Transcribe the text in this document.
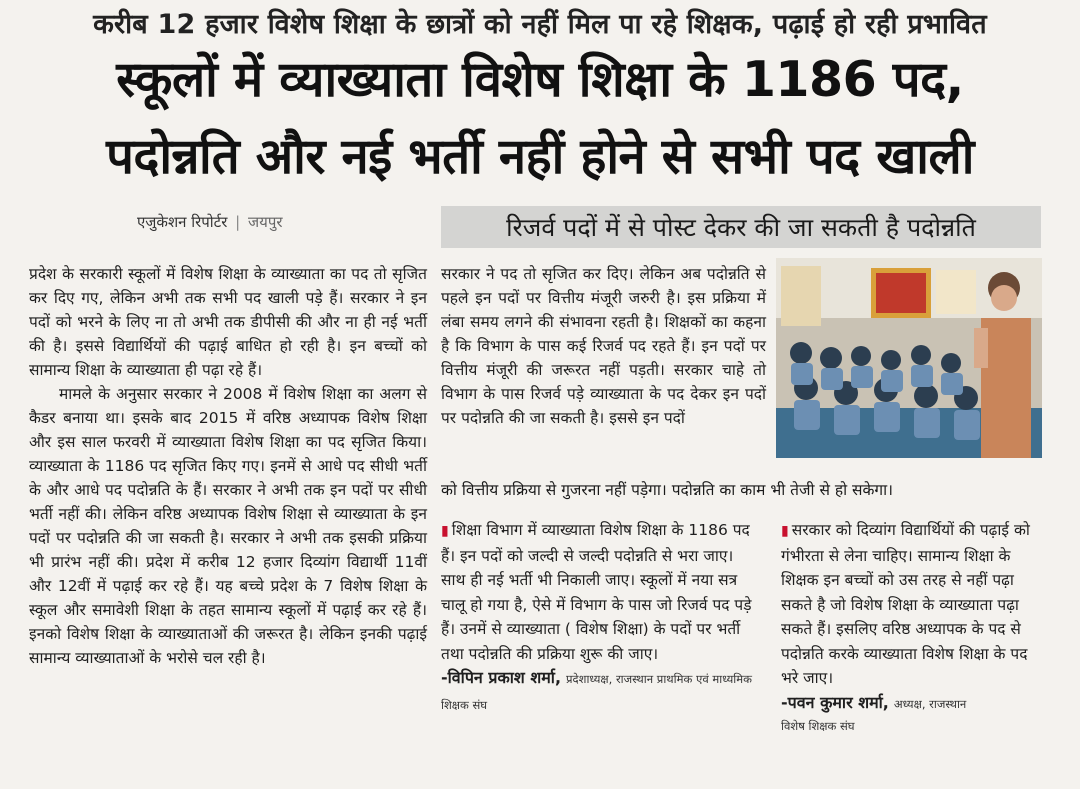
करीब 12 हजार विशेष शिक्षा के छात्रों को नहीं मिल पा रहे शिक्षक, पढ़ाई हो रही प्रभावित
स्कूलों में व्याख्याता विशेष शिक्षा के 1186 पद,
पदोन्नति और नई भर्ती नहीं होने से सभी पद खाली
एजुकेशन रिपोर्टर | जयपुर	रिजर्व पदों में से पोस्ट देकर की जा सकती है पदोन्नति

प्रदेश के सरकारी स्कूलों में विशेष शिक्षा के व्याख्याता का पद तो सृजित कर दिए गए, लेकिन अभी तक सभी पद खाली पड़े हैं। सरकार ने इन पदों को भरने के लिए ना तो अभी तक डीपीसी की और ना ही नई भर्ती की है। इससे विद्यार्थियों की पढ़ाई बाधित हो रही है। इन बच्चों को सामान्य शिक्षा के व्याख्याता ही पढ़ा रहे हैं।

मामले के अनुसार सरकार ने 2008 में विशेष शिक्षा का अलग से कैडर बनाया था। इसके बाद 2015 में वरिष्ठ अध्यापक विशेष शिक्षा और इस साल फरवरी में व्याख्याता विशेष शिक्षा का पद सृजित किया। व्याख्याता के 1186 पद सृजित किए गए। इनमें से आधे पद सीधी भर्ती के और आधे पद पदोन्नति के हैं। सरकार ने अभी तक इन पदों पर सीधी भर्ती नहीं की। लेकिन वरिष्ठ अध्यापक विशेष शिक्षा से व्याख्याता के इन पदों पर पदोन्नति की जा सकती है। सरकार ने अभी तक इसकी प्रक्रिया भी प्रारंभ नहीं की। प्रदेश में करीब 12 हजार दिव्यांग विद्यार्थी 11वीं और 12वीं में पढ़ाई कर रहे हैं। यह बच्चे प्रदेश के 7 विशेष शिक्षा के स्कूल और समावेशी शिक्षा के तहत सामान्य स्कूलों में पढ़ाई कर रहे हैं। इनको विशेष शिक्षा के व्याख्याताओं की जरूरत है। लेकिन इनकी पढ़ाई सामान्य व्याख्याताओं के भरोसे चल रही है।

सरकार ने पद तो सृजित कर दिए। लेकिन अब पदोन्नति से पहले इन पदों पर वित्तीय मंजूरी जरुरी है। इस प्रक्रिया में लंबा समय लगने की संभावना रहती है। शिक्षकों का कहना है कि विभाग के पास कई रिजर्व पद रहते हैं। इन पदों पर वित्तीय मंजूरी की जरूरत नहीं पड़ती। सरकार चाहे तो विभाग के पास रिजर्व पड़े व्याख्याता के पद देकर इन पदों पर पदोन्नति की जा सकती है। इससे इन पदों

को वित्तीय प्रक्रिया से गुजरना नहीं पड़ेगा। पदोन्नति का काम भी तेजी से हो सकेगा।
▮ शिक्षा विभाग में व्याख्याता विशेष शिक्षा के 1186 पद हैं। इन पदों को जल्दी से जल्दी पदोन्नति से भरा जाए। साथ ही नई भर्ती भी निकाली जाए। स्कूलों में नया सत्र चालू हो गया है, ऐसे में विभाग के पास जो रिजर्व पद पड़े हैं। उनमें से व्याख्याता ( विशेष शिक्षा) के पदों पर भर्ती तथा पदोन्नति की प्रक्रिया शुरू की जाए।
-विपिन प्रकाश शर्मा, प्रदेशाध्यक्ष, राजस्थान प्राथमिक एवं माध्यमिक शिक्षक संघ
▮ सरकार को दिव्यांग विद्यार्थियों की पढ़ाई को गंभीरता से लेना चाहिए। सामान्य शिक्षा के शिक्षक इन बच्चों को उस तरह से नहीं पढ़ा सकते है जो विशेष शिक्षा के व्याख्याता पढ़ा सकते हैं। इसलिए वरिष्ठ अध्यापक के पद से पदोन्नति करके व्याख्याता विशेष शिक्षा के पद भरे जाए।
-पवन कुमार शर्मा, अध्यक्ष, राजस्थान
विशेष शिक्षक संघ
